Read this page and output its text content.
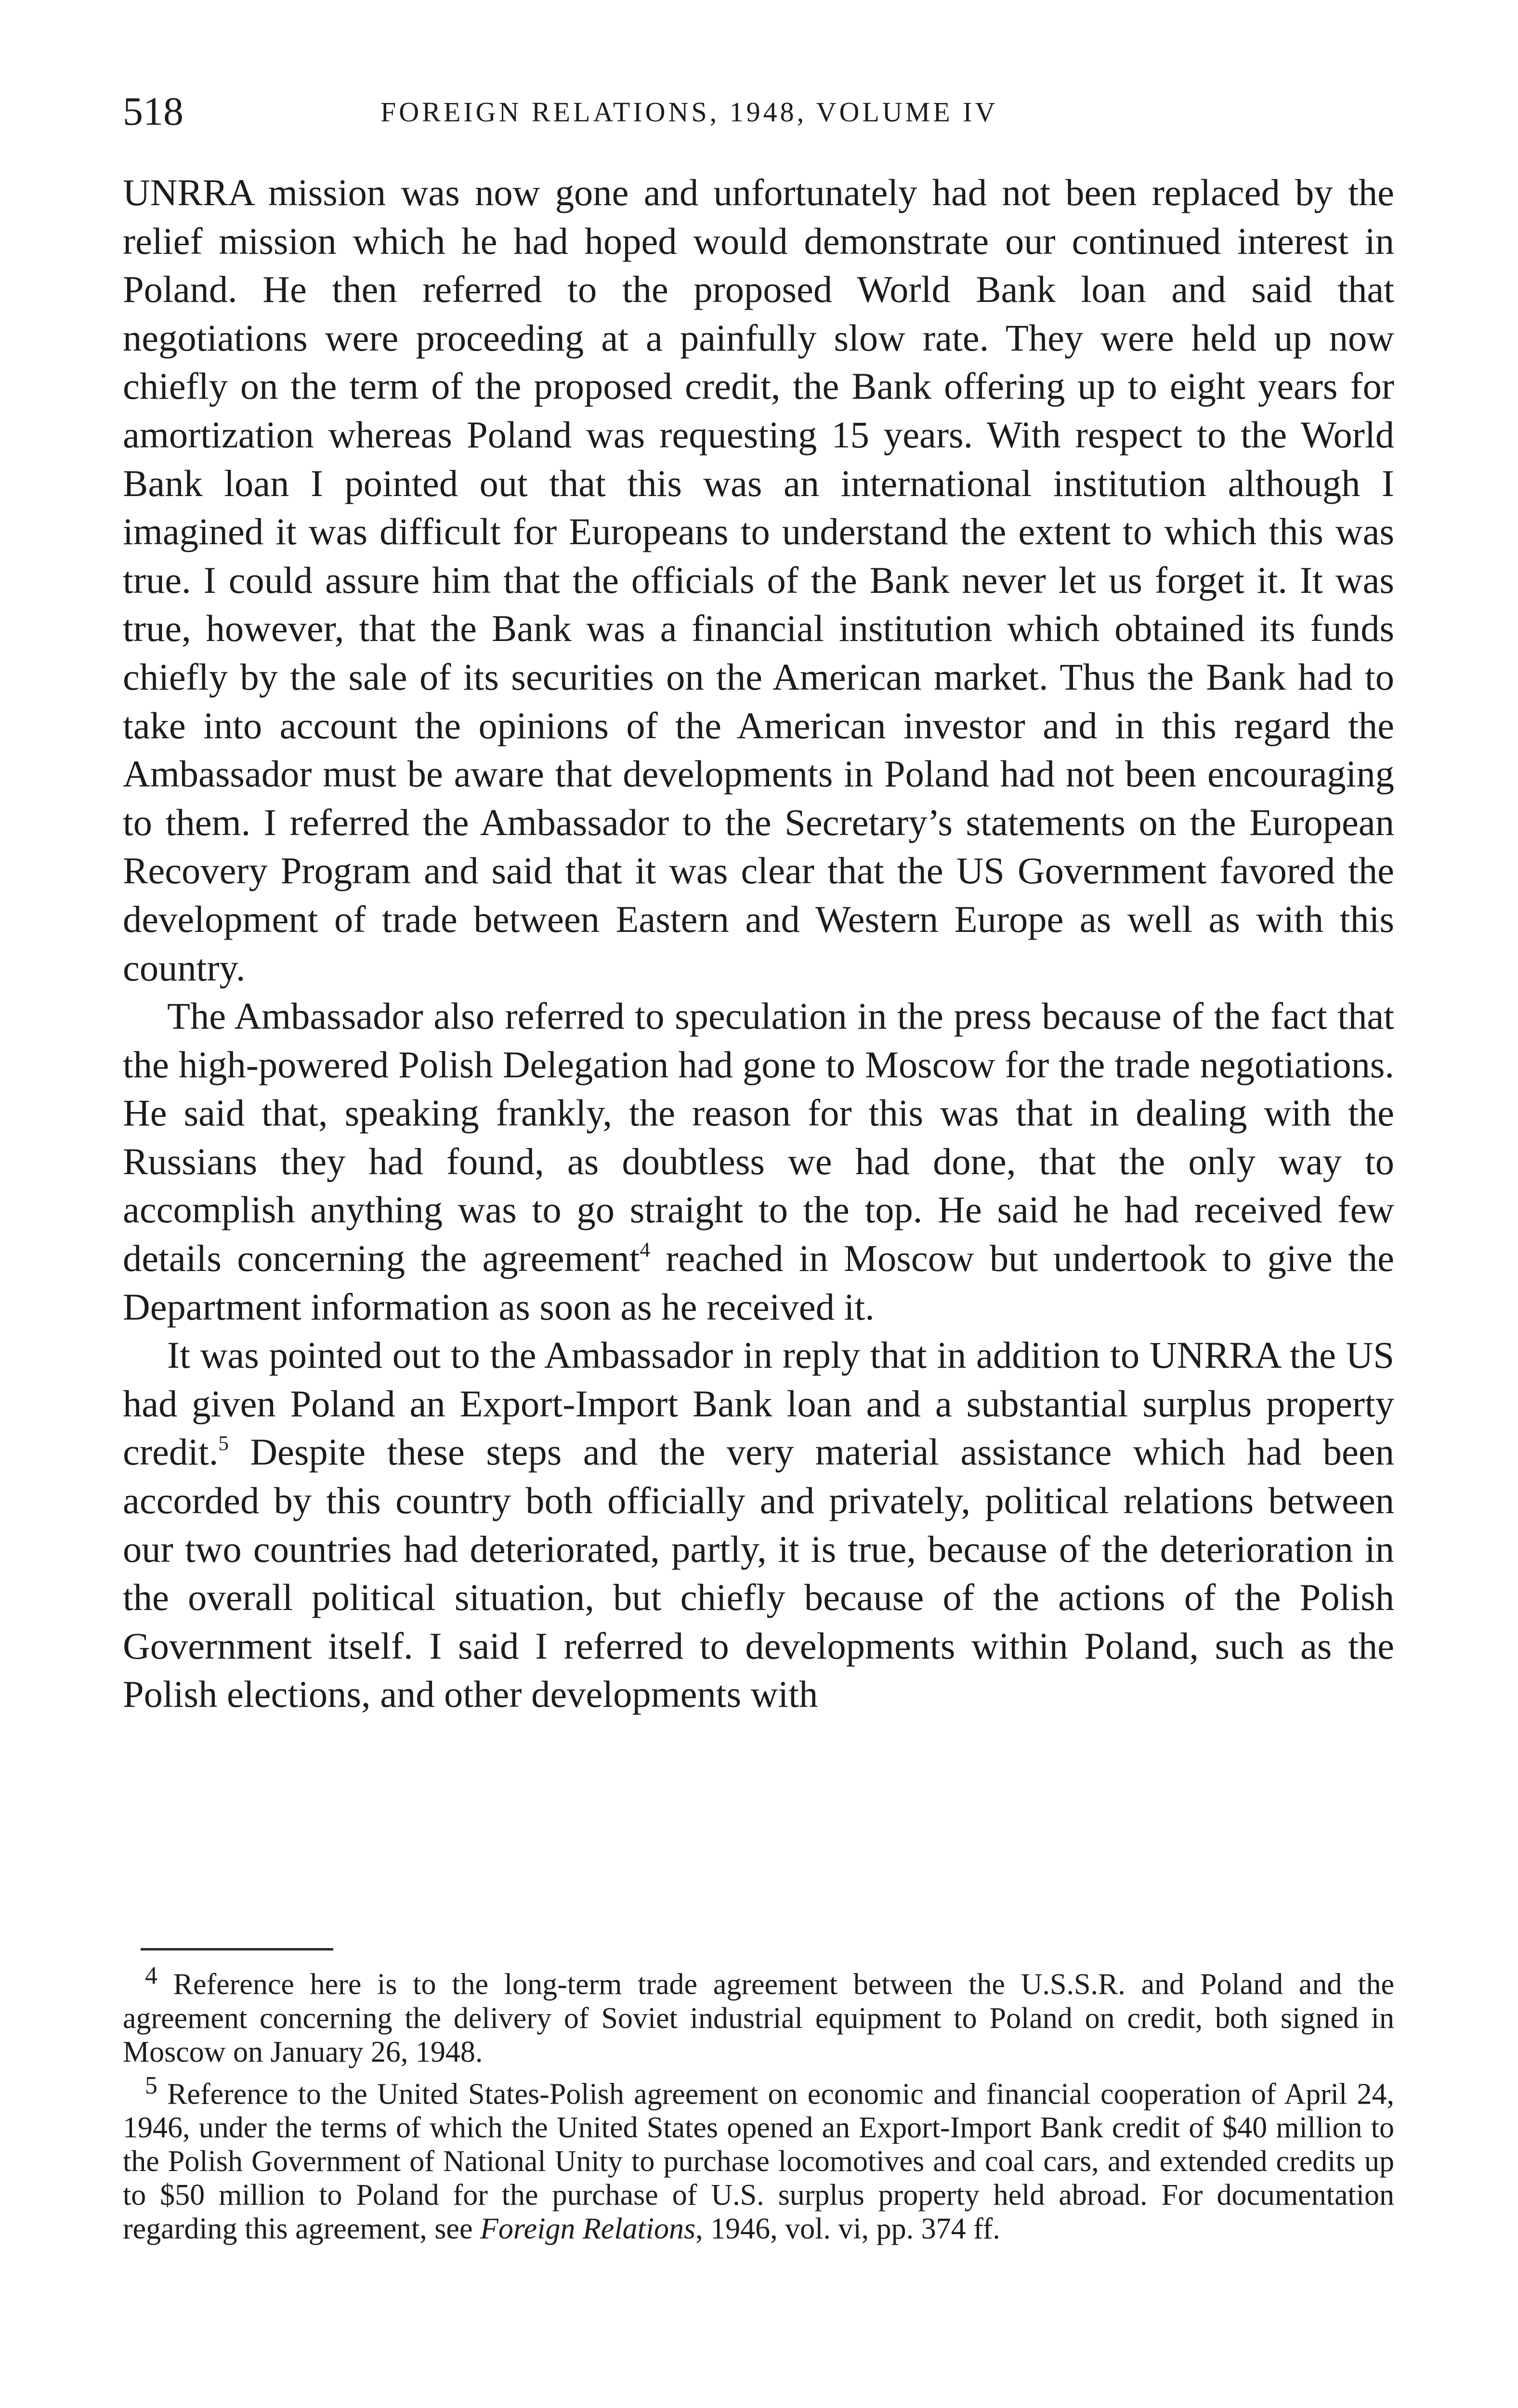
518	FOREIGN RELATIONS, 1948, VOLUME IV

UNRRA mission was now gone and unfortunately had not been replaced by the relief mission which he had hoped would demonstrate our continued interest in Poland. He then referred to the proposed World Bank loan and said that negotiations were proceeding at a painfully slow rate. They were held up now chiefly on the term of the proposed credit, the Bank offering up to eight years for amortization whereas Poland was requesting 15 years. With respect to the World Bank loan I pointed out that this was an international institution although I imagined it was difficult for Europeans to understand the extent to which this was true. I could assure him that the officials of the Bank never let us forget it. It was true, however, that the Bank was a financial institution which obtained its funds chiefly by the sale of its securities on the American market. Thus the Bank had to take into account the opinions of the American investor and in this regard the Ambassador must be aware that developments in Poland had not been encouraging to them. I referred the Ambassador to the Secretary’s statements on the European Recovery Program and said that it was clear that the US Government favored the development of trade between Eastern and Western Europe as well as with this country.

The Ambassador also referred to speculation in the press because of the fact that the high-powered Polish Delegation had gone to Moscow for the trade negotiations. He said that, speaking frankly, the reason for this was that in dealing with the Russians they had found, as doubtless we had done, that the only way to accomplish anything was to go straight to the top. He said he had received few details concerning the agreement$^4$ reached in Moscow but undertook to give the Department information as soon as he received it.

It was pointed out to the Ambassador in reply that in addition to UNRRA the US had given Poland an Export-Import Bank loan and a substantial surplus property credit.$^5$ Despite these steps and the very material assistance which had been accorded by this country both officially and privately, political relations between our two countries had deteriorated, partly, it is true, because of the deterioration in the overall political situation, but chiefly because of the actions of the Polish Government itself. I said I referred to developments within Poland, such as the Polish elections, and other developments with

$^4$ Reference here is to the long-term trade agreement between the U.S.S.R. and Poland and the agreement concerning the delivery of Soviet industrial equipment to Poland on credit, both signed in Moscow on January 26, 1948.

$^5$ Reference to the United States-Polish agreement on economic and financial cooperation of April 24, 1946, under the terms of which the United States opened an Export-Import Bank credit of $40 million to the Polish Government of National Unity to purchase locomotives and coal cars, and extended credits up to $50 million to Poland for the purchase of U.S. surplus property held abroad. For documentation regarding this agreement, see Foreign Relations, 1946, vol. vi, pp. 374 ff.
